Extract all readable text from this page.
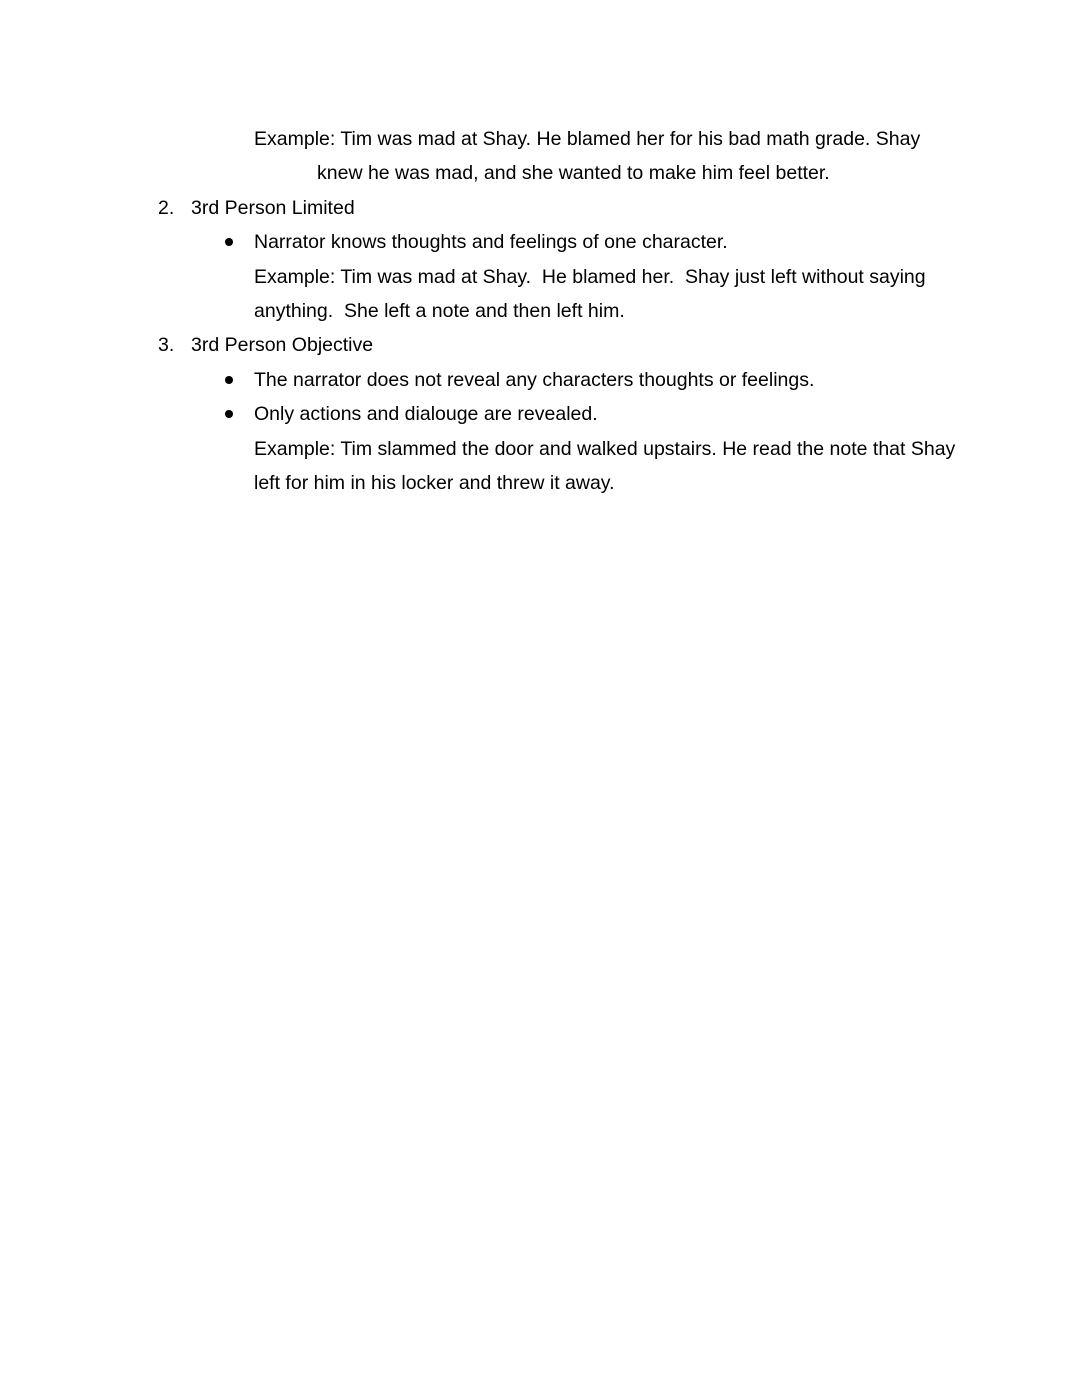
Example: Tim was mad at Shay. He blamed her for his bad math grade. Shay
knew he was mad, and she wanted to make him feel better.
2. 3rd Person Limited
Narrator knows thoughts and feelings of one character.
Example: Tim was mad at Shay.  He blamed her.  Shay just left without saying
anything.  She left a note and then left him.
3. 3rd Person Objective
The narrator does not reveal any characters thoughts or feelings.
Only actions and dialouge are revealed.
Example: Tim slammed the door and walked upstairs. He read the note that Shay
left for him in his locker and threw it away.
